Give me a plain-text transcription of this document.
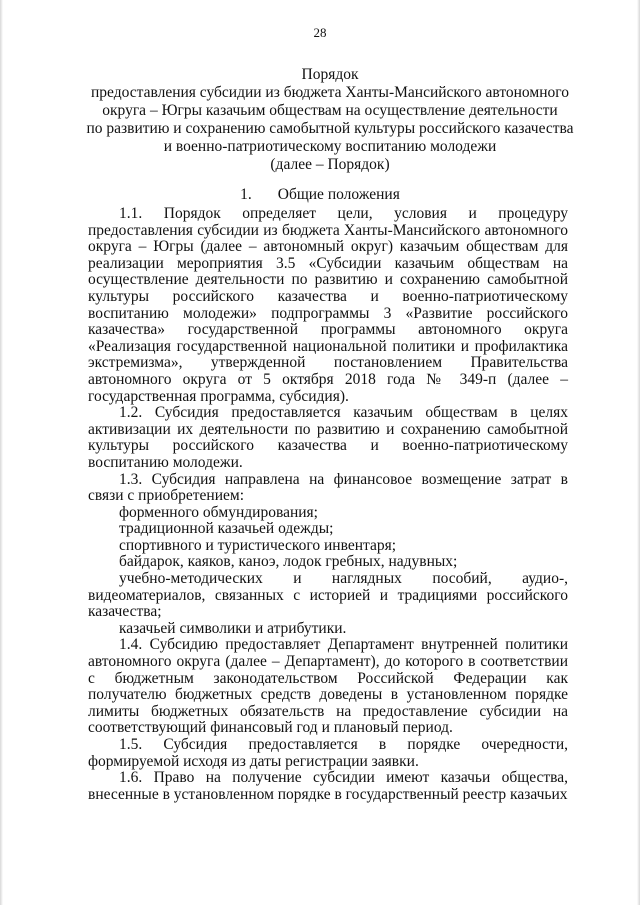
28
Порядок
предоставления субсидии из бюджета Ханты-Мансийского автономного
округа – Югры казачьим обществам на осуществление деятельности
по развитию и сохранению самобытной культуры российского казачества
и военно-патриотическому воспитанию молодежи
(далее – Порядок)
1. Общие положения

1.1. Порядок определяет цели, условия и процедуру предоставления субсидии из бюджета Ханты-Мансийского автономного округа – Югры (далее – автономный округ) казачьим обществам для реализации мероприятия 3.5 «Субсидии казачьим обществам на осуществление деятельности по развитию и сохранению самобытной культуры российского казачества и военно-патриотическому воспитанию молодежи» подпрограммы 3 «Развитие российского казачества» государственной программы автономного округа «Реализация государственной национальной политики и профилактика экстремизма», утвержденной постановлением Правительства автономного округа от 5 октября 2018 года № 349-п (далее – государственная программа, субсидия).

1.2. Субсидия предоставляется казачьим обществам в целях активизации их деятельности по развитию и сохранению самобытной культуры российского казачества и военно-патриотическому воспитанию молодежи.

1.3. Субсидия направлена на финансовое возмещение затрат в связи с приобретением:

форменного обмундирования;

традиционной казачьей одежды;

спортивного и туристического инвентаря;

байдарок, каяков, каноэ, лодок гребных, надувных;

учебно-методических и наглядных пособий, аудио-, видеоматериалов, связанных с историей и традициями российского казачества;

казачьей символики и атрибутики.

1.4. Субсидию предоставляет Департамент внутренней политики автономного округа (далее – Департамент), до которого в соответствии с бюджетным законодательством Российской Федерации как получателю бюджетных средств доведены в установленном порядке лимиты бюджетных обязательств на предоставление субсидии на соответствующий финансовый год и плановый период.

1.5. Субсидия предоставляется в порядке очередности, формируемой исходя из даты регистрации заявки.

1.6. Право на получение субсидии имеют казачьи общества, внесенные в установленном порядке в государственный реестр казачьих
